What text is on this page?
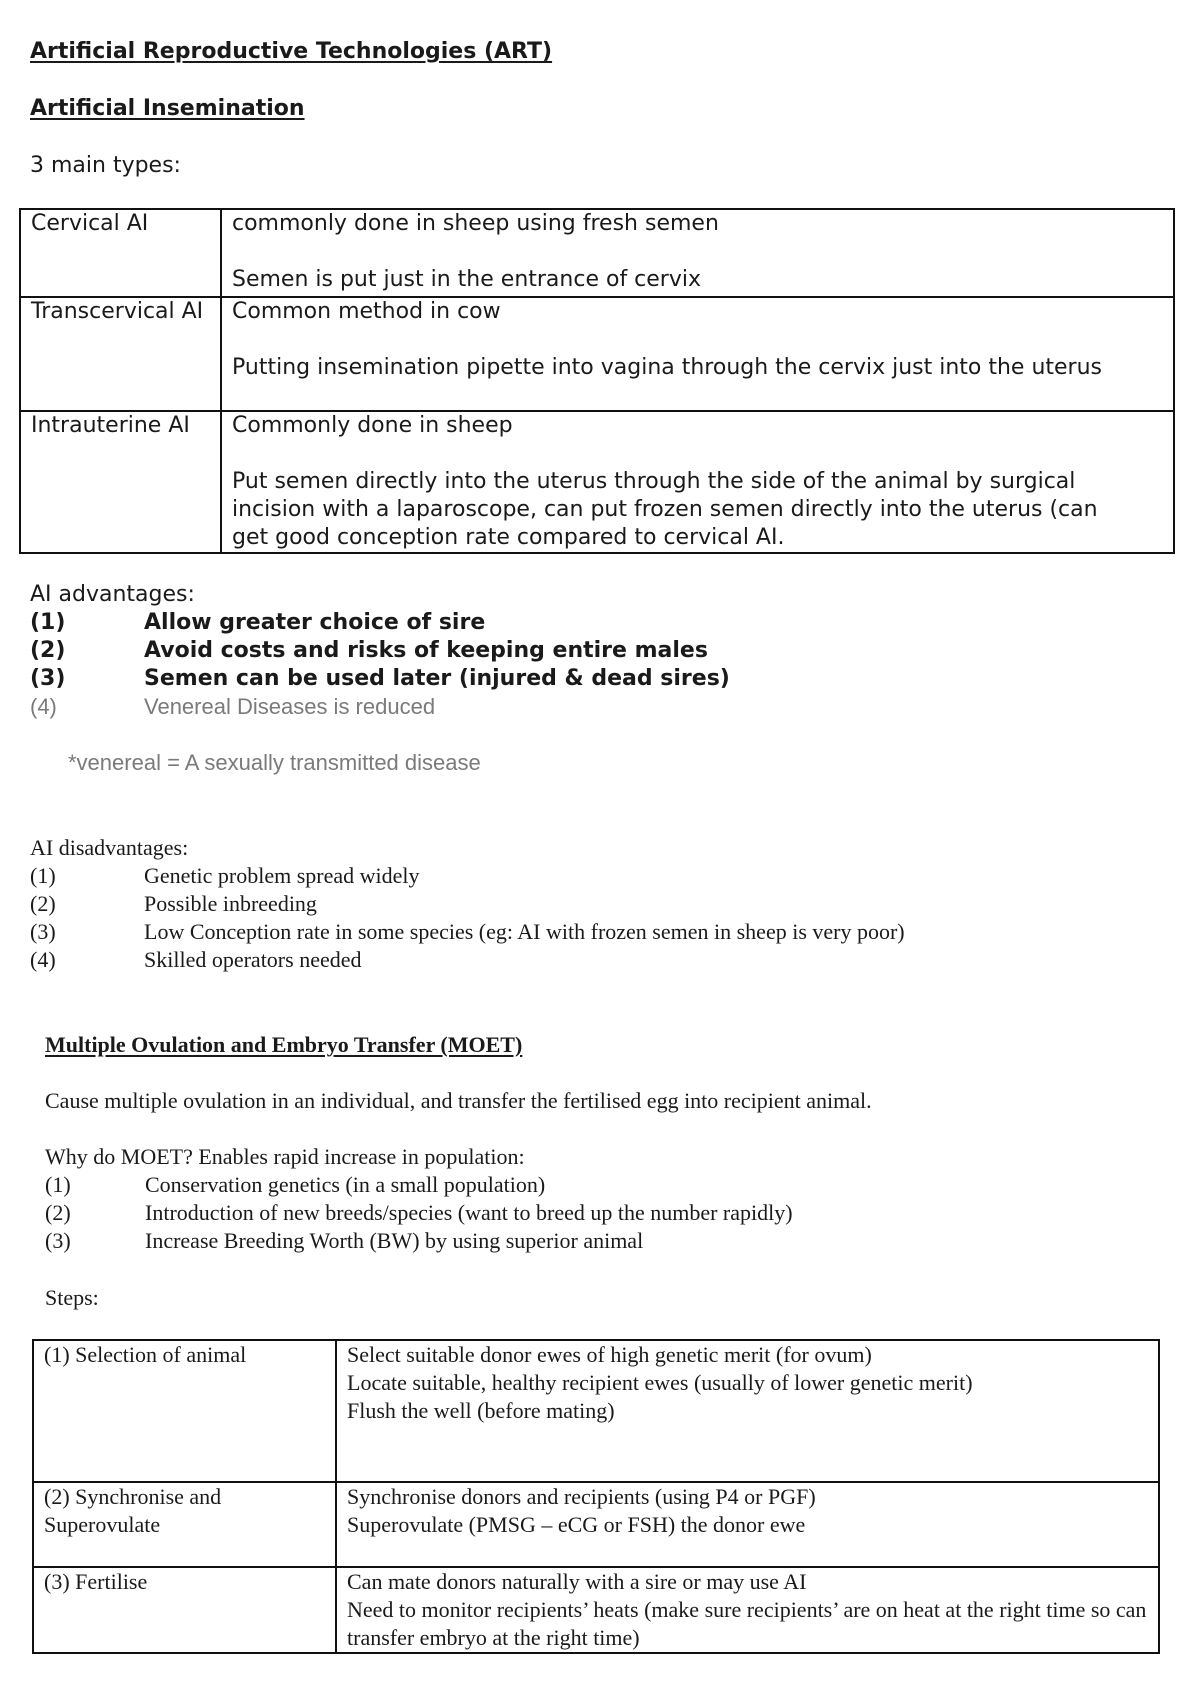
Artificial Reproductive Technologies (ART)
Artificial Insemination
3 main types:
Cervical AI	commonly done in sheep using fresh semen
Semen is put just in the entrance of cervix

Transcervical AI	Common method in cow
Putting insemination pipette into vagina through the cervix just into the uterus

Intrauterine AI	Commonly done in sheep
Put semen directly into the uterus through the side of the animal by surgical incision with a laparoscope, can put frozen semen directly into the uterus (can get good conception rate compared to cervical AI.
AI advantages:
(1)	Allow greater choice of sire
(2)	Avoid costs and risks of keeping entire males
(3)	Semen can be used later (injured & dead sires)
(4)	Venereal Diseases is reduced
*venereal = A sexually transmitted disease
AI disadvantages:
(1)	Genetic problem spread widely
(2)	Possible inbreeding
(3)	Low Conception rate in some species (eg: AI with frozen semen in sheep is very poor)
(4)	Skilled operators needed
Multiple Ovulation and Embryo Transfer (MOET)
Cause multiple ovulation in an individual, and transfer the fertilised egg into recipient animal.
Why do MOET? Enables rapid increase in population:
(1)	Conservation genetics (in a small population)
(2)	Introduction of new breeds/species (want to breed up the number rapidly)
(3)	Increase Breeding Worth (BW) by using superior animal
Steps:
(1) Selection of animal	Select suitable donor ewes of high genetic merit (for ovum)
Locate suitable, healthy recipient ewes (usually of lower genetic merit)
Flush the well (before mating)

(2) Synchronise and Superovulate	Synchronise donors and recipients (using P4 or PGF)
Superovulate (PMSG – eCG or FSH) the donor ewe

(3) Fertilise	Can mate donors naturally with a sire or may use AI
Need to monitor recipients’ heats (make sure recipients’ are on heat at the right time so can transfer embryo at the right time)
